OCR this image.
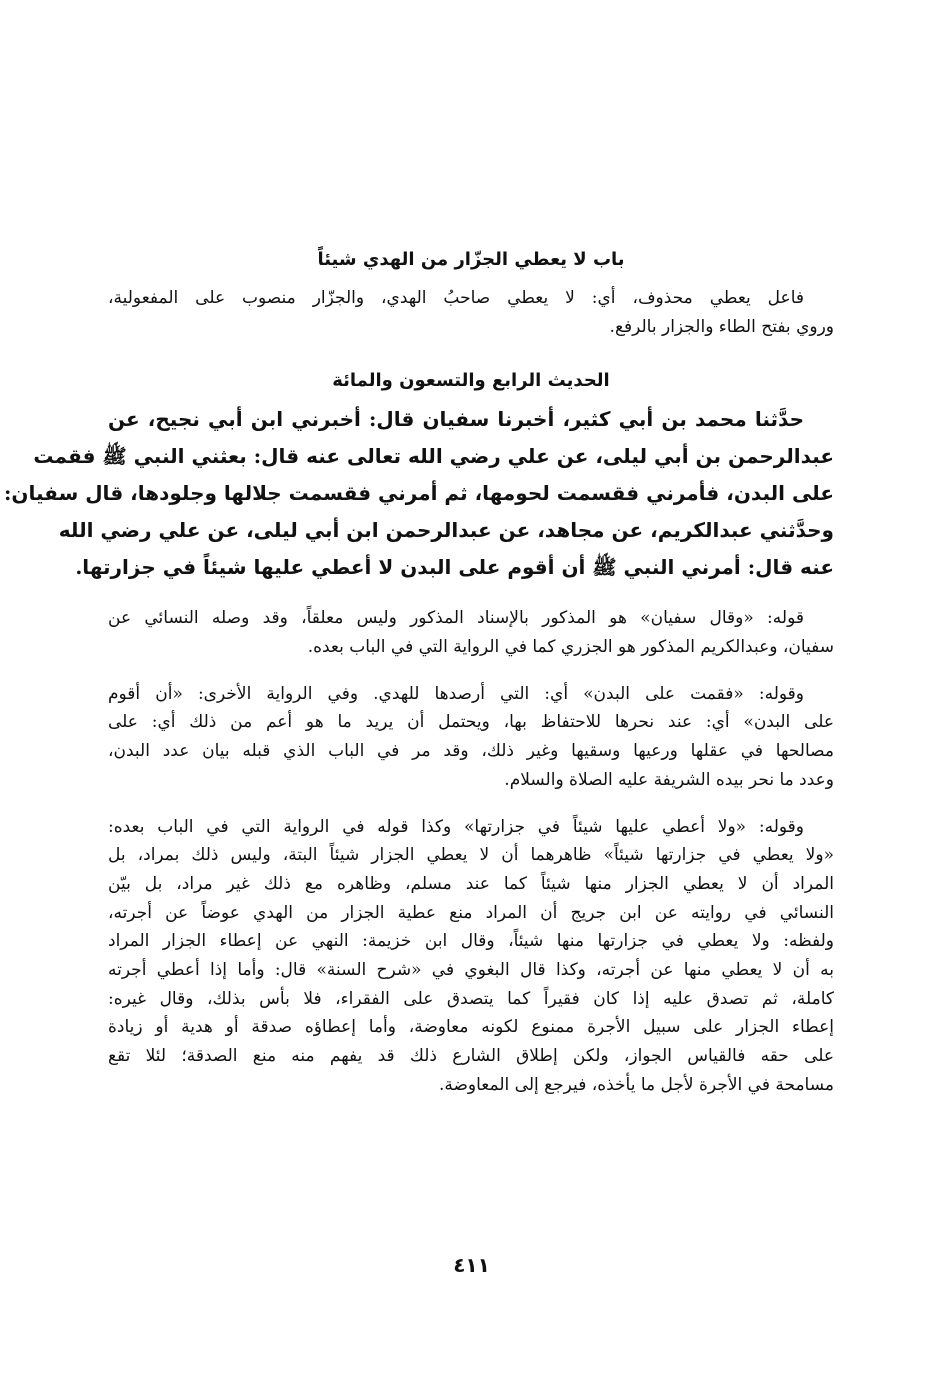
باب لا يعطي الجزّار من الهدي شيئاً
فاعل يعطي محذوف، أي: لا يعطي صاحبُ الهدي، والجزّار منصوب على المفعولية،
وروي بفتح الطاء والجزار بالرفع.
الحديث الرابع والتسعون والمائة
حدَّثنا محمد بن أبي كثير، أخبرنا سفيان قال: أخبرني ابن أبي نجيح، عن
عبدالرحمن بن أبي ليلى، عن علي رضي الله تعالى عنه قال: بعثني النبي ﷺ فقمت
على البدن، فأمرني فقسمت لحومها، ثم أمرني فقسمت جلالها وجلودها، قال سفيان:
وحدَّثني عبدالكريم، عن مجاهد، عن عبدالرحمن ابن أبي ليلى، عن علي رضي الله
عنه قال: أمرني النبي ﷺ أن أقوم على البدن لا أعطي عليها شيئاً في جزارتها.
قوله: «وقال سفيان» هو المذكور بالإسناد المذكور وليس معلقاً، وقد وصله النسائي عن
سفيان، وعبدالكريم المذكور هو الجزري كما في الرواية التي في الباب بعده.
وقوله: «فقمت على البدن» أي: التي أرصدها للهدي. وفي الرواية الأخرى: «أن أقوم
على البدن» أي: عند نحرها للاحتفاظ بها، ويحتمل أن يريد ما هو أعم من ذلك أي: على
مصالحها في عقلها ورعيها وسقيها وغير ذلك، وقد مر في الباب الذي قبله بيان عدد البدن،
وعدد ما نحر بيده الشريفة عليه الصلاة والسلام.
وقوله: «ولا أعطي عليها شيئاً في جزارتها» وكذا قوله في الرواية التي في الباب بعده:
«ولا يعطي في جزارتها شيئاً» ظاهرهما أن لا يعطي الجزار شيئاً البتة، وليس ذلك بمراد، بل
المراد أن لا يعطي الجزار منها شيئاً كما عند مسلم، وظاهره مع ذلك غير مراد، بل بيّن
النسائي في روايته عن ابن جريج أن المراد منع عطية الجزار من الهدي عوضاً عن أجرته،
ولفظه: ولا يعطي في جزارتها منها شيئاً، وقال ابن خزيمة: النهي عن إعطاء الجزار المراد
به أن لا يعطي منها عن أجرته، وكذا قال البغوي في «شرح السنة» قال: وأما إذا أعطي أجرته
كاملة، ثم تصدق عليه إذا كان فقيراً كما يتصدق على الفقراء، فلا بأس بذلك، وقال غيره:
إعطاء الجزار على سبيل الأجرة ممنوع لكونه معاوضة، وأما إعطاؤه صدقة أو هدية أو زيادة
على حقه فالقياس الجواز، ولكن إطلاق الشارع ذلك قد يفهم منه منع الصدقة؛ لئلا تقع
مسامحة في الأجرة لأجل ما يأخذه، فيرجع إلى المعاوضة.
٤١١
